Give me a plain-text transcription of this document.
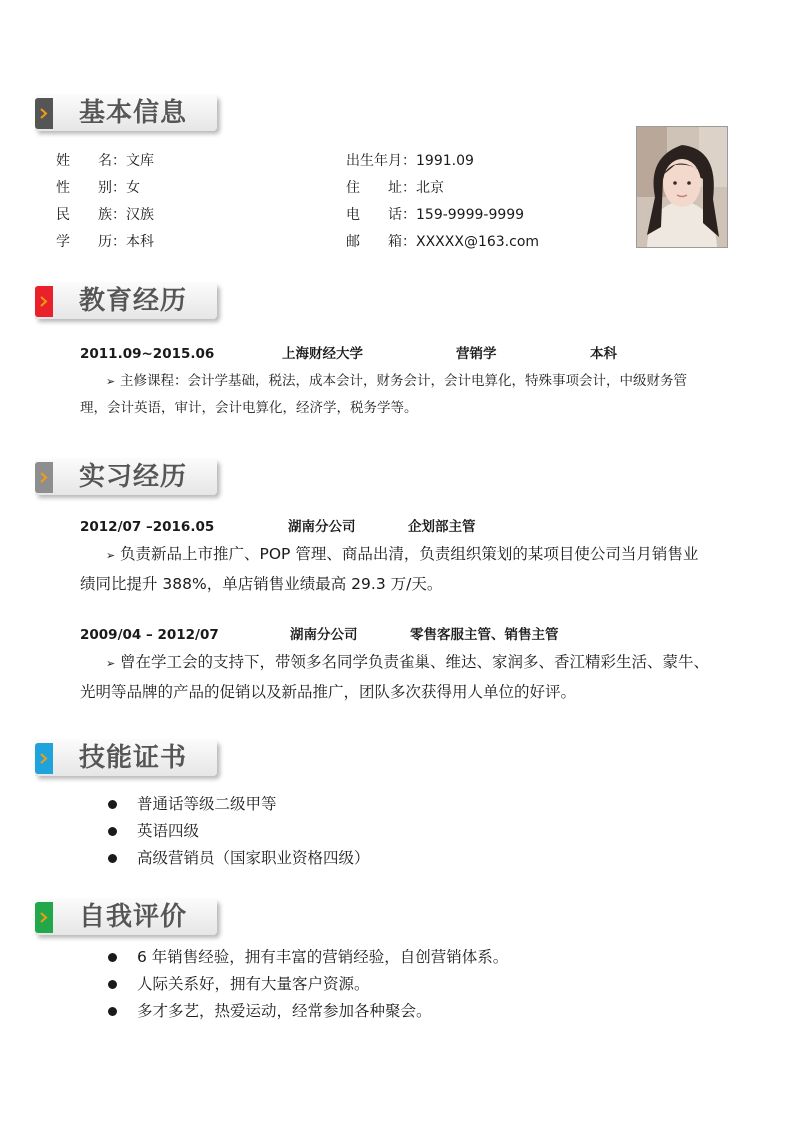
基本信息
姓　　名：文库
性　　别：女
民　　族：汉族
学　　历：本科
出生年月：1991.09
住　　址：北京
电　　话：159-9999-9999
邮　　箱：XXXXX@163.com
教育经历
2011.09~2015.06	上海财经大学	营销学	本科
➢ 主修课程：会计学基础，税法，成本会计，财务会计，会计电算化，特殊事项会计，中级财务管
理，会计英语，审计，会计电算化，经济学，税务学等。
实习经历
2012/07 –2016.05	湖南分公司	企划部主管
➢ 负责新品上市推广、POP 管理、商品出清，负责组织策划的某项目使公司当月销售业
绩同比提升 388%，单店销售业绩最高 29.3 万/天。
2009/04 – 2012/07	湖南分公司	零售客服主管、销售主管
➢ 曾在学工会的支持下，带领多名同学负责雀巢、维达、家润多、香江精彩生活、蒙牛、
光明等品牌的产品的促销以及新品推广，团队多次获得用人单位的好评。
技能证书
普通话等级二级甲等
英语四级
高级营销员（国家职业资格四级）
自我评价
6 年销售经验，拥有丰富的营销经验，自创营销体系。
人际关系好，拥有大量客户资源。
多才多艺，热爱运动，经常参加各种聚会。
